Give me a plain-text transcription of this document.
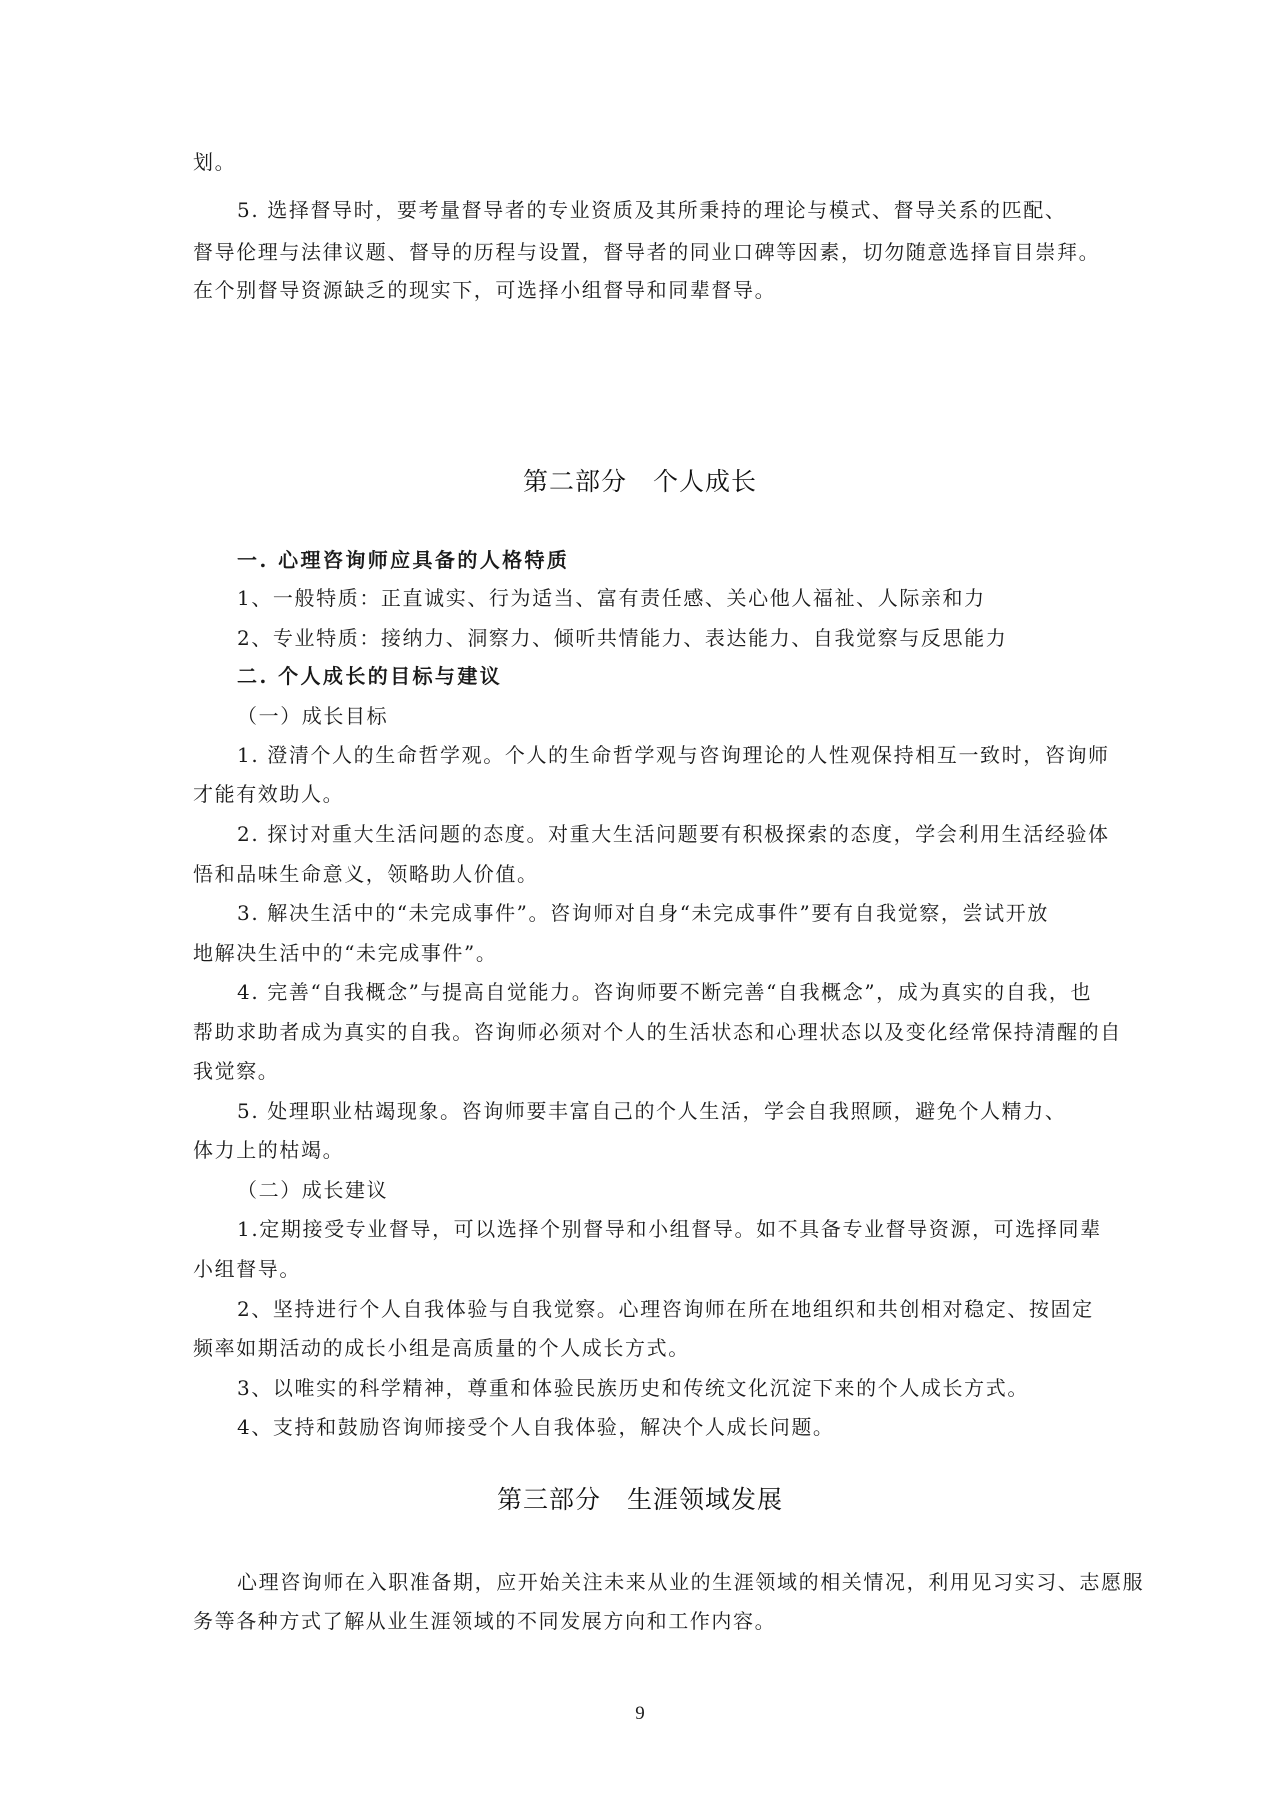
划。
5. 选择督导时，要考量督导者的专业资质及其所秉持的理论与模式、督导关系的匹配、
督导伦理与法律议题、督导的历程与设置，督导者的同业口碑等因素，切勿随意选择盲目崇拜。
在个别督导资源缺乏的现实下，可选择小组督导和同辈督导。
第二部分　个人成长
一. 心理咨询师应具备的人格特质
1、一般特质：正直诚实、行为适当、富有责任感、关心他人福祉、人际亲和力
2、专业特质：接纳力、洞察力、倾听共情能力、表达能力、自我觉察与反思能力
二. 个人成长的目标与建议
（一）成长目标
1. 澄清个人的生命哲学观。个人的生命哲学观与咨询理论的人性观保持相互一致时，咨询师
才能有效助人。
2. 探讨对重大生活问题的态度。对重大生活问题要有积极探索的态度，学会利用生活经验体
悟和品味生命意义，领略助人价值。
3. 解决生活中的“未完成事件”。咨询师对自身“未完成事件”要有自我觉察，尝试开放
地解决生活中的“未完成事件”。
4. 完善“自我概念”与提高自觉能力。咨询师要不断完善“自我概念”，成为真实的自我，也
帮助求助者成为真实的自我。咨询师必须对个人的生活状态和心理状态以及变化经常保持清醒的自
我觉察。
5. 处理职业枯竭现象。咨询师要丰富自己的个人生活，学会自我照顾，避免个人精力、
体力上的枯竭。
（二）成长建议
1.定期接受专业督导，可以选择个别督导和小组督导。如不具备专业督导资源，可选择同辈
小组督导。
2、坚持进行个人自我体验与自我觉察。心理咨询师在所在地组织和共创相对稳定、按固定
频率如期活动的成长小组是高质量的个人成长方式。
3、以唯实的科学精神，尊重和体验民族历史和传统文化沉淀下来的个人成长方式。
4、支持和鼓励咨询师接受个人自我体验，解决个人成长问题。
第三部分　生涯领域发展
心理咨询师在入职准备期，应开始关注未来从业的生涯领域的相关情况，利用见习实习、志愿服
务等各种方式了解从业生涯领域的不同发展方向和工作内容。
9
